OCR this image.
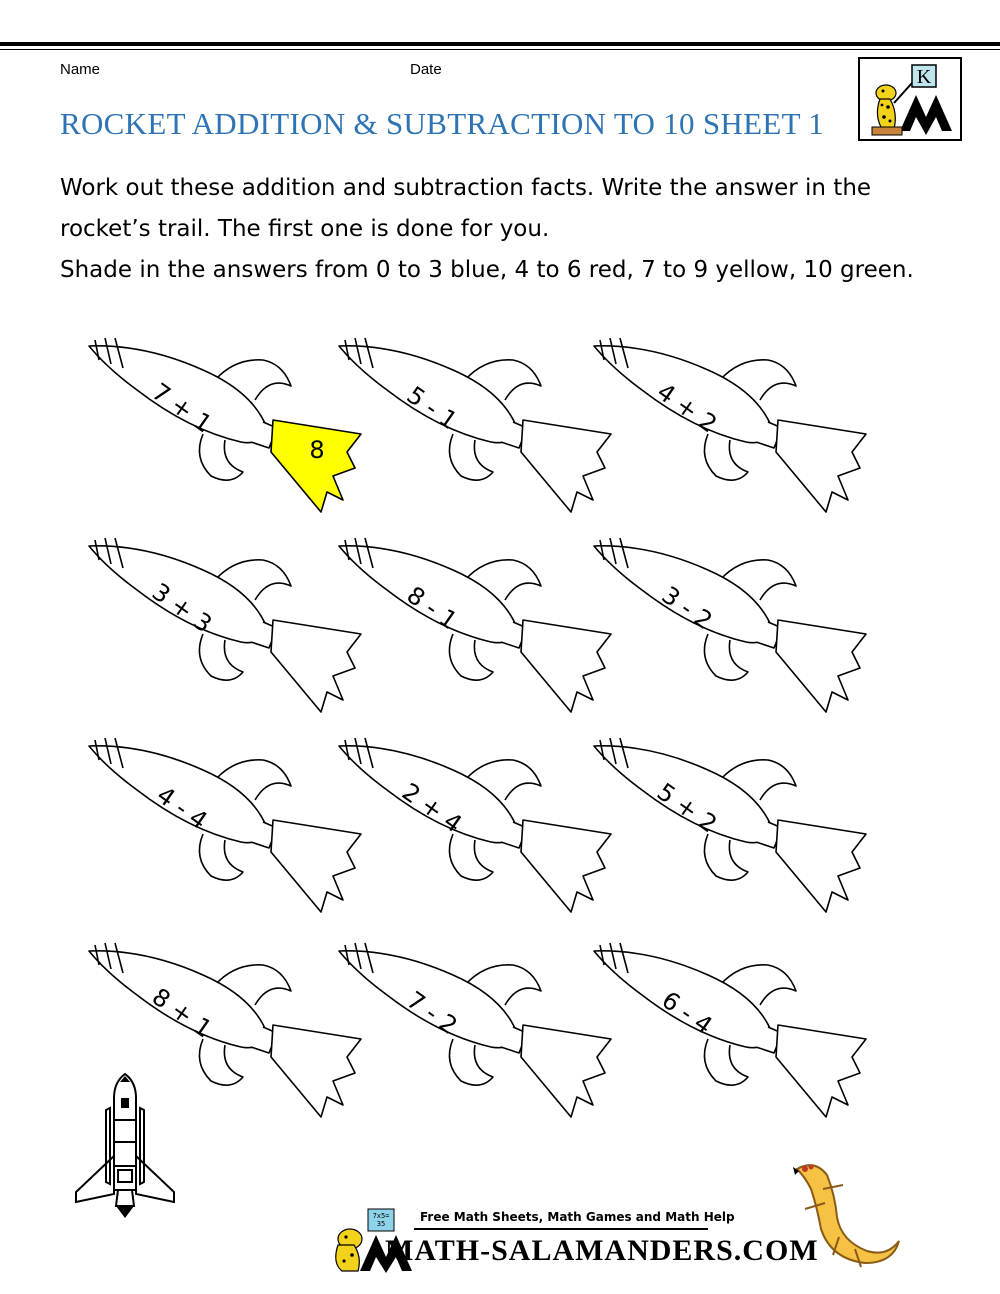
Name	Date
ROCKET ADDITION & SUBTRACTION TO 10 SHEET 1
K

Work out these addition and subtraction facts. Write the answer in the rocket’s trail. The first one is done for you.

Shade in the answers from 0 to 3 blue, 4 to 6 red, 7 to 9 yellow, 10 green.

7 + 1
8
5 - 1	4 + 2
3 + 3	8 - 1	3 - 2
4 - 4	2 + 4	5 + 2
8 + 1	7 - 2	6 - 4
7x5= 35	Free Math Sheets, Math Games and Math Help
MATH-SALAMANDERS.COM
